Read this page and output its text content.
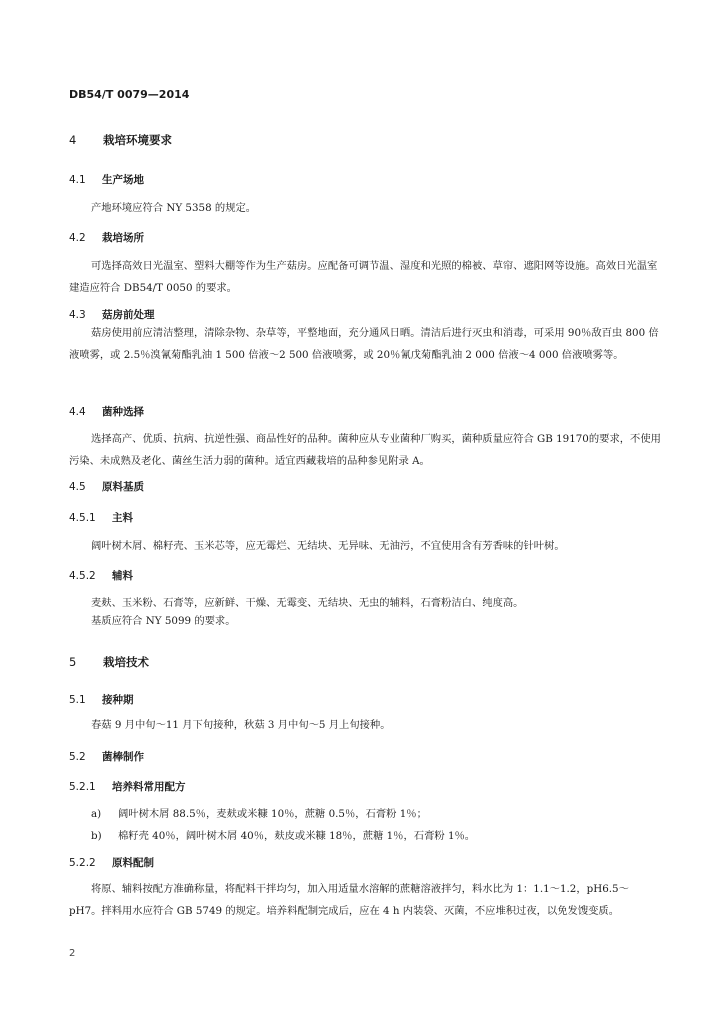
DB54/T 0079—2014
4 栽培环境要求
4.1 生产场地
产地环境应符合 NY 5358 的规定。
4.2 栽培场所
可选择高效日光温室、塑料大棚等作为生产菇房。应配备可调节温、湿度和光照的棉被、草帘、遮阳网等设施。高效日光温室建造应符合 DB54/T 0050 的要求。
4.3 菇房前处理
菇房使用前应清洁整理，清除杂物、杂草等，平整地面，充分通风日晒。清洁后进行灭虫和消毒，可采用 90％敌百虫 800 倍液喷雾，或 2.5％溴氰菊酯乳油 1 500 倍液～2 500 倍液喷雾，或 20％氰戊菊酯乳油 2 000 倍液～4 000 倍液喷雾等。
4.4 菌种选择
选择高产、优质、抗病、抗逆性强、商品性好的品种。菌种应从专业菌种厂购买，菌种质量应符合 GB 19170的要求，不使用污染、未成熟及老化、菌丝生活力弱的菌种。适宜西藏栽培的品种参见附录 A。
4.5 原料基质
4.5.1 主料
阔叶树木屑、棉籽壳、玉米芯等，应无霉烂、无结块、无异味、无油污，不宜使用含有芳香味的针叶树。
4.5.2 辅料
麦麸、玉米粉、石膏等，应新鲜、干燥、无霉变、无结块、无虫的辅料，石膏粉洁白、纯度高。
基质应符合 NY 5099 的要求。
5 栽培技术
5.1 接种期
春菇 9 月中旬～11 月下旬接种，秋菇 3 月中旬～5 月上旬接种。
5.2 菌棒制作
5.2.1 培养料常用配方
a) 阔叶树木屑 88.5％，麦麸或米糠 10％，蔗糖 0.5％，石膏粉 1％；
b) 棉籽壳 40％，阔叶树木屑 40％，麸皮或米糠 18％，蔗糖 1％，石膏粉 1％。
5.2.2 原料配制
将原、辅料按配方准确称量，将配料干拌均匀，加入用适量水溶解的蔗糖溶液拌匀，料水比为 1：1.1～1.2，pH6.5～pH7。拌料用水应符合 GB 5749 的规定。培养料配制完成后，应在 4 h 内装袋、灭菌，不应堆积过夜，以免发馊变质。
2
